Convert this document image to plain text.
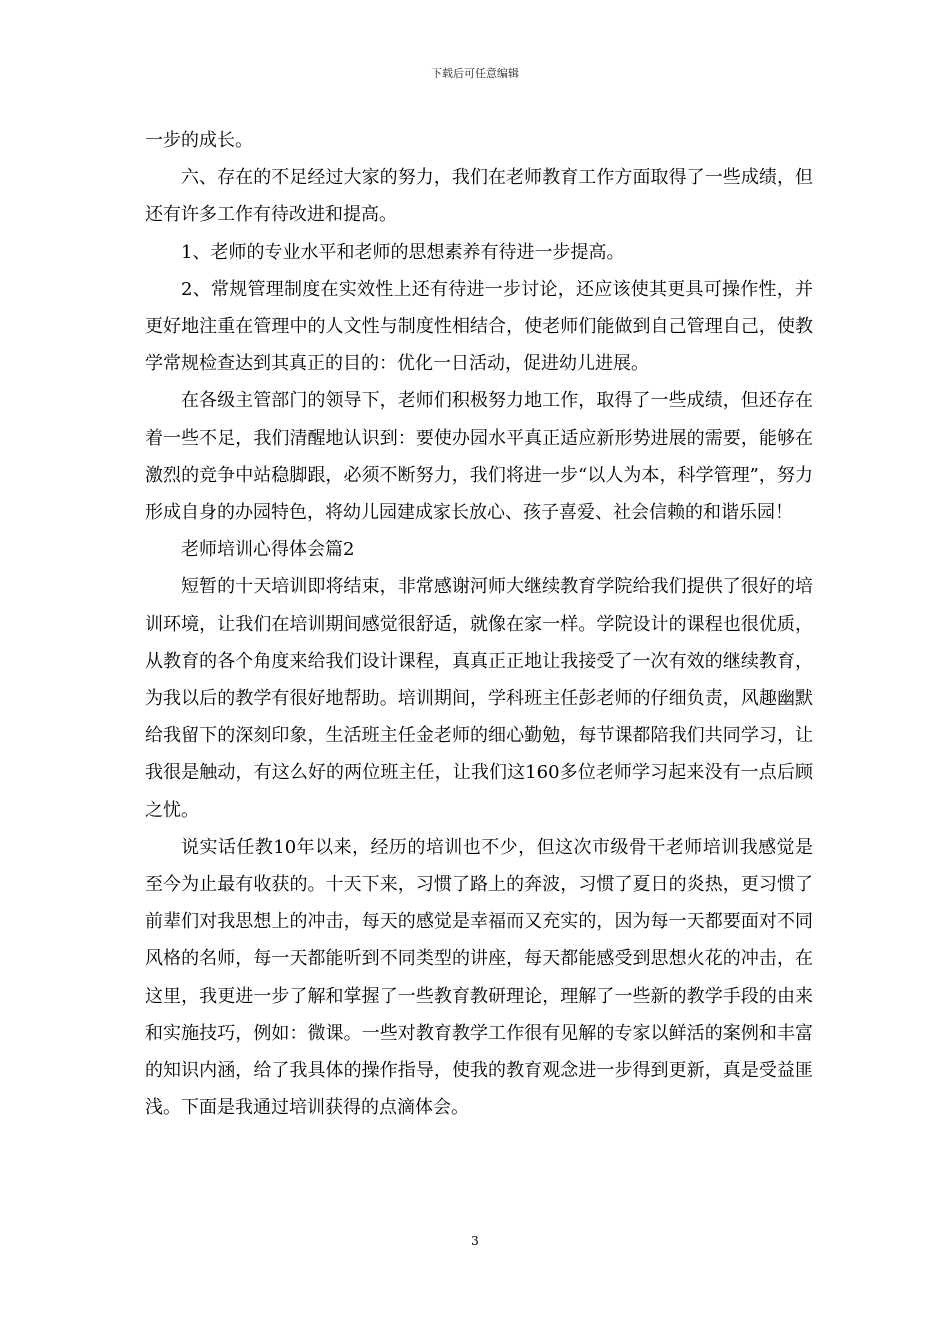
下载后可任意编辑

一步的成长。

六、存在的不足经过大家的努力，我们在老师教育工作方面取得了一些成绩，但还有许多工作有待改进和提高。

1、老师的专业水平和老师的思想素养有待进一步提高。

2、常规管理制度在实效性上还有待进一步讨论，还应该使其更具可操作性，并更好地注重在管理中的人文性与制度性相结合，使老师们能做到自己管理自己，使教学常规检查达到其真正的目的：优化一日活动，促进幼儿进展。

在各级主管部门的领导下，老师们积极努力地工作，取得了一些成绩，但还存在着一些不足，我们清醒地认识到：要使办园水平真正适应新形势进展的需要，能够在激烈的竞争中站稳脚跟，必须不断努力，我们将进一步“以人为本，科学管理”，努力形成自身的办园特色，将幼儿园建成家长放心、孩子喜爱、社会信赖的和谐乐园！

老师培训心得体会篇2

短暂的十天培训即将结束，非常感谢河师大继续教育学院给我们提供了很好的培训环境，让我们在培训期间感觉很舒适，就像在家一样。学院设计的课程也很优质，从教育的各个角度来给我们设计课程，真真正正地让我接受了一次有效的继续教育，为我以后的教学有很好地帮助。培训期间，学科班主任彭老师的仔细负责，风趣幽默给我留下的深刻印象，生活班主任金老师的细心勤勉，每节课都陪我们共同学习，让我很是触动，有这么好的两位班主任，让我们这160多位老师学习起来没有一点后顾之忧。

说实话任教10年以来，经历的培训也不少，但这次市级骨干老师培训我感觉是至今为止最有收获的。十天下来，习惯了路上的奔波，习惯了夏日的炎热，更习惯了前辈们对我思想上的冲击，每天的感觉是幸福而又充实的，因为每一天都要面对不同风格的名师，每一天都能听到不同类型的讲座，每天都能感受到思想火花的冲击，在这里，我更进一步了解和掌握了一些教育教研理论，理解了一些新的教学手段的由来和实施技巧，例如：微课。一些对教育教学工作很有见解的专家以鲜活的案例和丰富的知识内涵，给了我具体的操作指导，使我的教育观念进一步得到更新，真是受益匪浅。下面是我通过培训获得的点滴体会。

3
